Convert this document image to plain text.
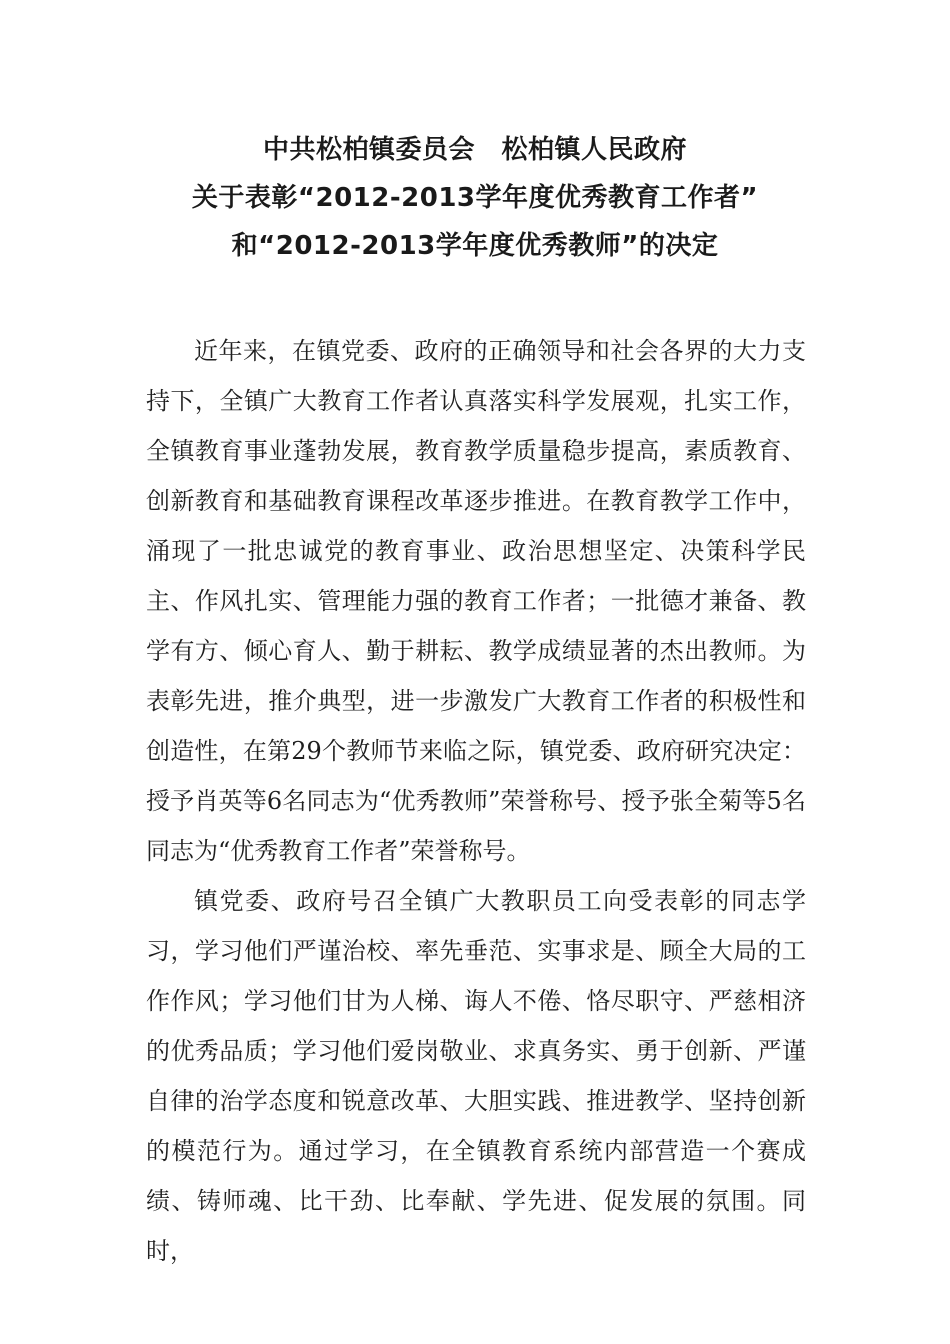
中共松柏镇委员会　松柏镇人民政府
关于表彰“2012-2013学年度优秀教育工作者”
和“2012-2013学年度优秀教师”的决定

近年来，在镇党委、政府的正确领导和社会各界的大力支持下，全镇广大教育工作者认真落实科学发展观，扎实工作，全镇教育事业蓬勃发展，教育教学质量稳步提高，素质教育、创新教育和基础教育课程改革逐步推进。在教育教学工作中，涌现了一批忠诚党的教育事业、政治思想坚定、决策科学民主、作风扎实、管理能力强的教育工作者；一批德才兼备、教学有方、倾心育人、勤于耕耘、教学成绩显著的杰出教师。为表彰先进，推介典型，进一步激发广大教育工作者的积极性和创造性，在第29个教师节来临之际，镇党委、政府研究决定：授予肖英等6名同志为“优秀教师”荣誉称号、授予张全菊等5名同志为“优秀教育工作者”荣誉称号。

镇党委、政府号召全镇广大教职员工向受表彰的同志学习，学习他们严谨治校、率先垂范、实事求是、顾全大局的工作作风；学习他们甘为人梯、诲人不倦、恪尽职守、严慈相济的优秀品质；学习他们爱岗敬业、求真务实、勇于创新、严谨自律的治学态度和锐意改革、大胆实践、推进教学、坚持创新的模范行为。通过学习，在全镇教育系统内部营造一个赛成绩、铸师魂、比干劲、比奉献、学先进、促发展的氛围。同时，
